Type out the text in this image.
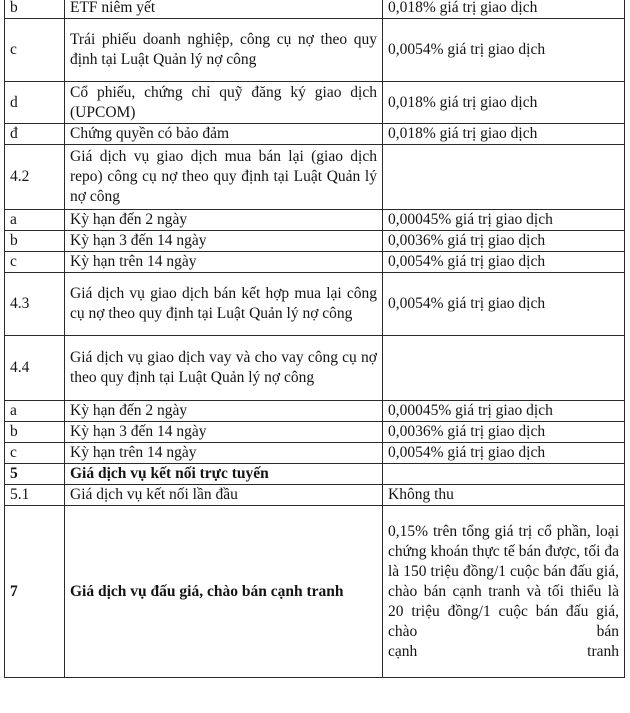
b	ETF niêm yết	0,018% giá trị giao dịch
c	Trái phiếu doanh nghiệp, công cụ nợ theo quy định tại Luật Quản lý nợ công	0,0054% giá trị giao dịch
d	Cổ phiếu, chứng chỉ quỹ đăng ký giao dịch (UPCOM)	0,018% giá trị giao dịch
đ	Chứng quyền có bảo đảm	0,018% giá trị giao dịch
4.2	Giá dịch vụ giao dịch mua bán lại (giao dịch repo) công cụ nợ theo quy định tại Luật Quản lý nợ công	
a	Kỳ hạn đến 2 ngày	0,00045% giá trị giao dịch
b	Kỳ hạn 3 đến 14 ngày	0,0036% giá trị giao dịch
c	Kỳ hạn trên 14 ngày	0,0054% giá trị giao dịch
4.3	Giá dịch vụ giao dịch bán kết hợp mua lại công cụ nợ theo quy định tại Luật Quản lý nợ công	0,0054% giá trị giao dịch
4.4	Giá dịch vụ giao dịch vay và cho vay công cụ nợ theo quy định tại Luật Quản lý nợ công	
a	Kỳ hạn đến 2 ngày	0,00045% giá trị giao dịch
b	Kỳ hạn 3 đến 14 ngày	0,0036% giá trị giao dịch
c	Kỳ hạn trên 14 ngày	0,0054% giá trị giao dịch
5	Giá dịch vụ kết nối trực tuyến	
5.1	Giá dịch vụ kết nối lần đầu	Không thu
7	Giá dịch vụ đấu giá, chào bán cạnh tranh	0,15% trên tổng giá trị cổ phần, loại chứng khoán thực tế bán được, tối đa là 150 triệu đồng/1 cuộc bán đấu giá, chào bán cạnh tranh và tối thiểu là 20 triệu đồng/1 cuộc bán đấu giá, chào bán
cạnh tranh
